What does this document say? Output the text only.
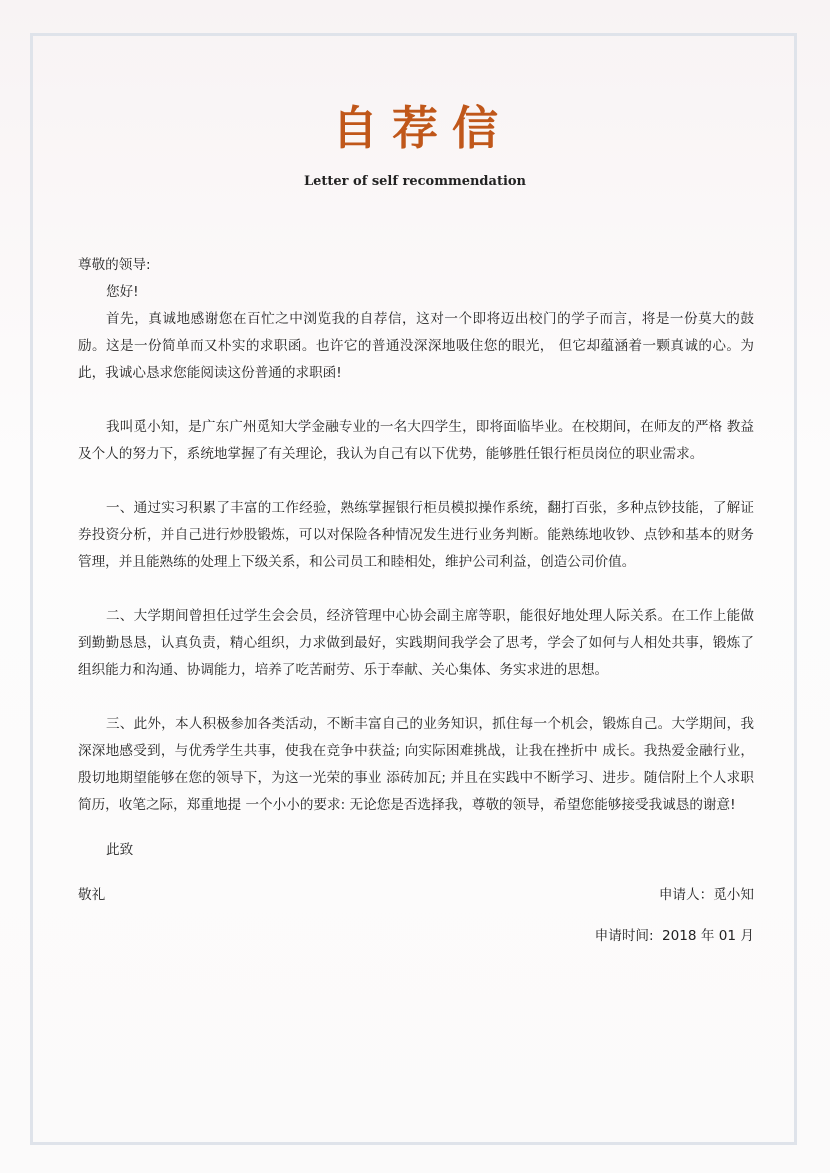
自荐信
Letter of self recommendation

尊敬的领导:

您好!

首先，真诚地感谢您在百忙之中浏览我的自荐信，这对一个即将迈出校门的学子而言，将是一份莫大的鼓励。这是一份简单而又朴实的求职函。也许它的普通没深深地吸住您的眼光， 但它却蕴涵着一颗真诚的心。为此，我诚心恳求您能阅读这份普通的求职函!

我叫觅小知，是广东广州觅知大学金融专业的一名大四学生，即将面临毕业。在校期间，在师友的严格 教益及个人的努力下，系统地掌握了有关理论，我认为自己有以下优势，能够胜任银行柜员岗位的职业需求。

一、通过实习积累了丰富的工作经验，熟练掌握银行柜员模拟操作系统，翻打百张，多种点钞技能，了解证券投资分析，并自己进行炒股锻炼，可以对保险各种情况发生进行业务判断。能熟练地收钞、点钞和基本的财务管理，并且能熟练的处理上下级关系，和公司员工和睦相处，维护公司利益，创造公司价值。

二、大学期间曾担任过学生会会员，经济管理中心协会副主席等职，能很好地处理人际关系。在工作上能做到勤勤恳恳，认真负责，精心组织，力求做到最好，实践期间我学会了思考，学会了如何与人相处共事，锻炼了组织能力和沟通、协调能力，培养了吃苦耐劳、乐于奉献、关心集体、务实求进的思想。

三、此外，本人积极参加各类活动，不断丰富自己的业务知识，抓住每一个机会，锻炼自己。大学期间，我深深地感受到，与优秀学生共事，使我在竞争中获益; 向实际困难挑战，让我在挫折中 成长。我热爱金融行业，殷切地期望能够在您的领导下，为这一光荣的事业 添砖加瓦; 并且在实践中不断学习、进步。随信附上个人求职简历，收笔之际，郑重地提 一个小小的要求: 无论您是否选择我，尊敬的领导，希望您能够接受我诚恳的谢意!

此致

敬礼	申请人：觅小知
申请时间: 2018 年 01 月
